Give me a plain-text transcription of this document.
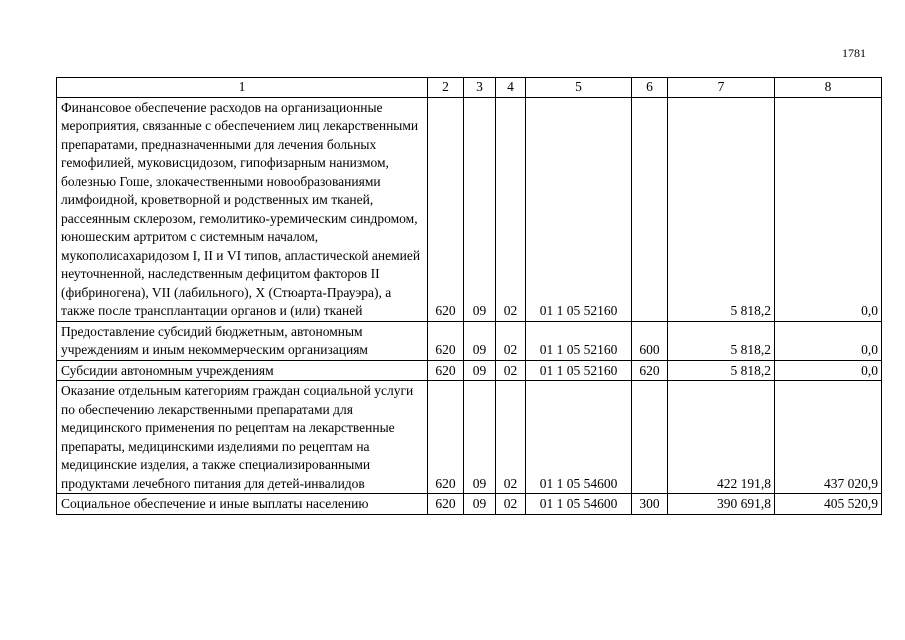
1781
1	2	3	4	5	6	7	8
Финансовое обеспечение расходов на организационные мероприятия, связанные с обеспечением лиц лекарственными препаратами, предназначенными для лечения больных гемофилией, муковисцидозом, гипофизарным нанизмом, болезнью Гоше, злокачественными новообразованиями лимфоидной, кроветворной и родственных им тканей, рассеянным склерозом, гемолитико-уремическим синдромом, юношеским артритом с системным началом, мукополисахаридозом I, II и VI типов, апластической анемией неуточненной, наследственным дефицитом факторов II (фибриногена), VII (лабильного), X (Стюарта-Прауэра), а также после трансплантации органов и (или) тканей	620	09	02	01 1 05 52160		5 818,2	0,0
Предоставление субсидий бюджетным, автономным учреждениям и иным некоммерческим организациям	620	09	02	01 1 05 52160	600	5 818,2	0,0
Субсидии автономным учреждениям	620	09	02	01 1 05 52160	620	5 818,2	0,0
Оказание отдельным категориям граждан социальной услуги по обеспечению лекарственными препаратами для медицинского применения по рецептам на лекарственные препараты, медицинскими изделиями по рецептам на медицинские изделия, а также специализированными продуктами лечебного питания для детей-инвалидов	620	09	02	01 1 05 54600		422 191,8	437 020,9
Социальное обеспечение и иные выплаты населению	620	09	02	01 1 05 54600	300	390 691,8	405 520,9
